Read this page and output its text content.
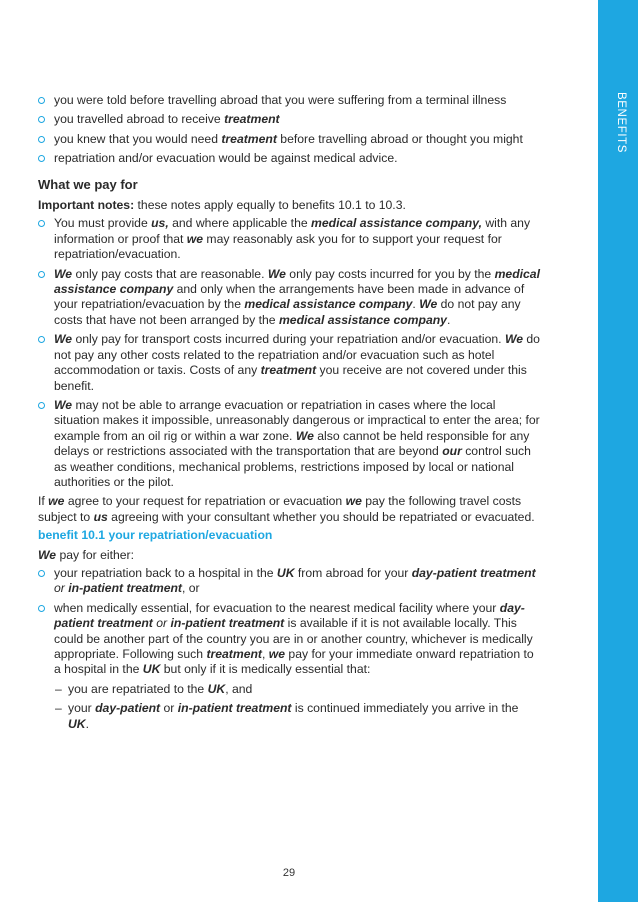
BENEFITS
you were told before travelling abroad that you were suffering from a terminal illness
you travelled abroad to receive treatment
you knew that you would need treatment before travelling abroad or thought you might
repatriation and/or evacuation would be against medical advice.
What we pay for

Important notes: these notes apply equally to benefits 10.1 to 10.3.

You must provide us, and where applicable the medical assistance company, with any information or proof that we may reasonably ask you for to support your request for repatriation/evacuation.
We only pay costs that are reasonable. We only pay costs incurred for you by the medical assistance company and only when the arrangements have been made in advance of your repatriation/evacuation by the medical assistance company. We do not pay any costs that have not been arranged by the medical assistance company.
We only pay for transport costs incurred during your repatriation and/or evacuation. We do not pay any other costs related to the repatriation and/or evacuation such as hotel accommodation or taxis. Costs of any treatment you receive are not covered under this benefit.
We may not be able to arrange evacuation or repatriation in cases where the local situation makes it impossible, unreasonably dangerous or impractical to enter the area; for example from an oil rig or within a war zone. We also cannot be held responsible for any delays or restrictions associated with the transportation that are beyond our control such as weather conditions, mechanical problems, restrictions imposed by local or national authorities or the pilot.

If we agree to your request for repatriation or evacuation we pay the following travel costs subject to us agreeing with your consultant whether you should be repatriated or evacuated.

benefit 10.1 your repatriation/evacuation

We pay for either:

your repatriation back to a hospital in the UK from abroad for your day-patient treatment or in-patient treatment, or
when medically essential, for evacuation to the nearest medical facility where your day-patient treatment or in-patient treatment is available if it is not available locally. This could be another part of the country you are in or another country, whichever is medically appropriate. Following such treatment, we pay for your immediate onward repatriation to a hospital in the UK but only if it is medically essential that:
– you are repatriated to the UK, and
– your day-patient or in-patient treatment is continued immediately you arrive in the UK.
29
